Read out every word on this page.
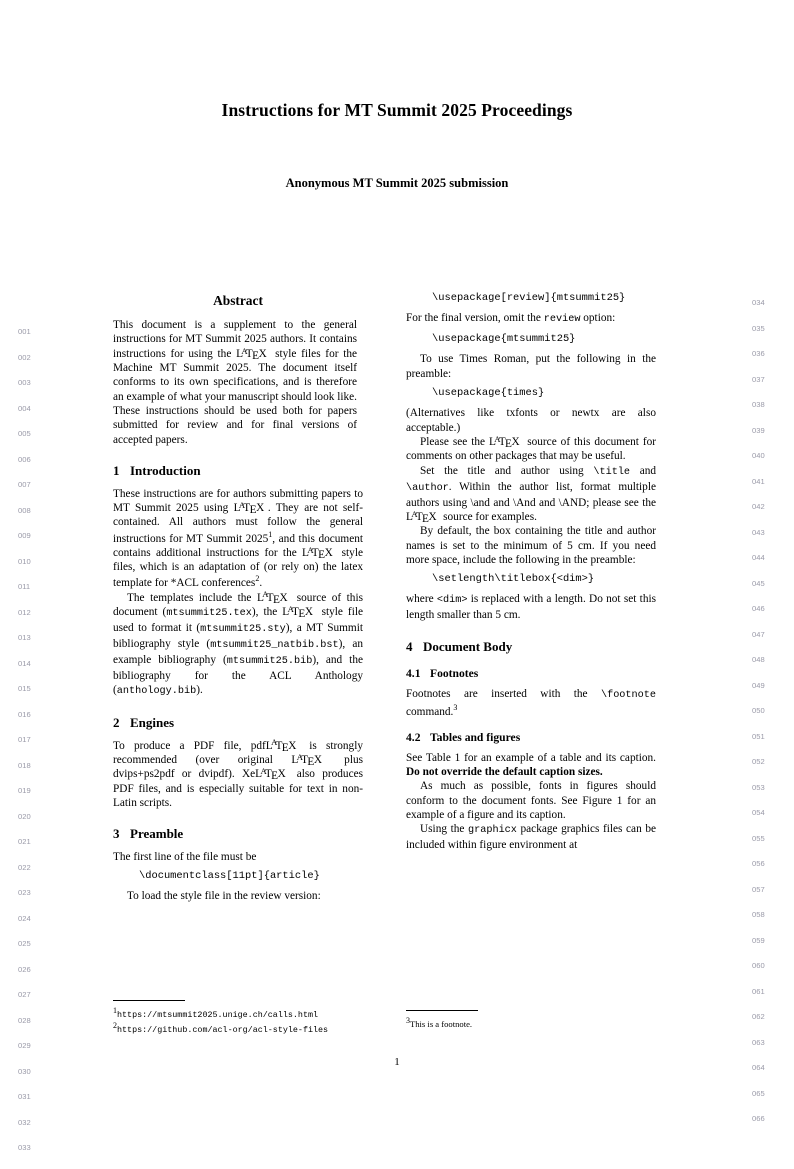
Instructions for MT Summit 2025 Proceedings
Anonymous MT Summit 2025 submission
001
002
003
004
005
006
007
008
009
010
011
012
013
014
015
016
017
018
019
020
021
022
023
024
025
026
027
028
029
030
031
032
033
034
035
036
037
038
039
040
041
042
043
044
045
046
047
048
049
050
051
052
053
054
055
056
057
058
059
060
061
062
063
064
065
066
Abstract

This document is a supplement to the general instructions for MT Summit 2025 authors. It contains instructions for using the $L^ATEX$ style files for the Machine MT Summit 2025. The document itself conforms to its own specifications, and is therefore an example of what your manuscript should look like. These instructions should be used both for papers submitted for review and for final versions of accepted papers.

1 Introduction

These instructions are for authors submitting papers to MT Summit 2025 using $L^ATEX$ . They are not self-contained. All authors must follow the general instructions for MT Summit 2025$^1$, and this document contains additional instructions for the $L^ATEX$ style files, which is an adaptation of (or rely on) the latex template for *ACL conferences$^2$.

The templates include the $L^ATEX$ source of this document (mtsummit25.tex), the $L^ATEX$ style file used to format it (mtsummit25.sty), a MT Summit bibliography style (mtsummit25_natbib.bst), an example bibliography (mtsummit25.bib), and the bibliography for the ACL Anthology (anthology.bib).

2 Engines

To produce a PDF file, pdfL$^A$TEX is strongly recommended (over original $L^ATEX$ plus dvips+ps2pdf or dvipdf). XeL$^A$TEX also produces PDF files, and is especially suitable for text in non-Latin scripts.

3 Preamble

The first line of the file must be

\documentclass[11pt]{article}

To load the style file in the review version:

\usepackage[review]{mtsummit25}

For the final version, omit the review option:

\usepackage{mtsummit25}

To use Times Roman, put the following in the preamble:

\usepackage{times}

(Alternatives like txfonts or newtx are also acceptable.)

Please see the $L^ATEX$ source of this document for comments on other packages that may be useful.

Set the title and author using \title and \author. Within the author list, format multiple authors using \and and \And and \AND; please see the $L^ATEX$ source for examples.

By default, the box containing the title and author names is set to the minimum of 5 cm. If you need more space, include the following in the preamble:

\setlength\titlebox{<dim>}

where <dim> is replaced with a length. Do not set this length smaller than 5 cm.

4 Document Body
4.1 Footnotes

Footnotes are inserted with the \footnote command.$^3$

4.2 Tables and figures

See Table 1 for an example of a table and its caption. Do not override the default caption sizes.

As much as possible, fonts in figures should conform to the document fonts. See Figure 1 for an example of a figure and its caption.

Using the graphicx package graphics files can be included within figure environment at

1https://mtsummit2025.unige.ch/calls.html
2https://github.com/acl-org/acl-style-files
3This is a footnote.
1
